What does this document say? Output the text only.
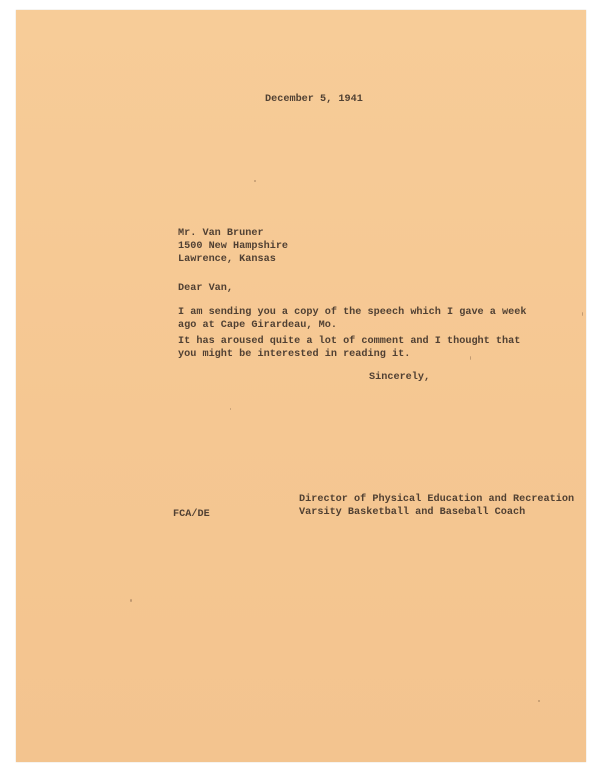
December 5, 1941
Mr. Van Bruner
1500 New Hampshire
Lawrence, Kansas
Dear Van,
I am sending you a copy of the speech which I gave a week
ago at Cape Girardeau, Mo.
It has aroused quite a lot of comment and I thought that
you might be interested in reading it.
Sincerely,
Director of Physical Education and Recreation
Varsity Basketball and Baseball Coach
FCA/DE
